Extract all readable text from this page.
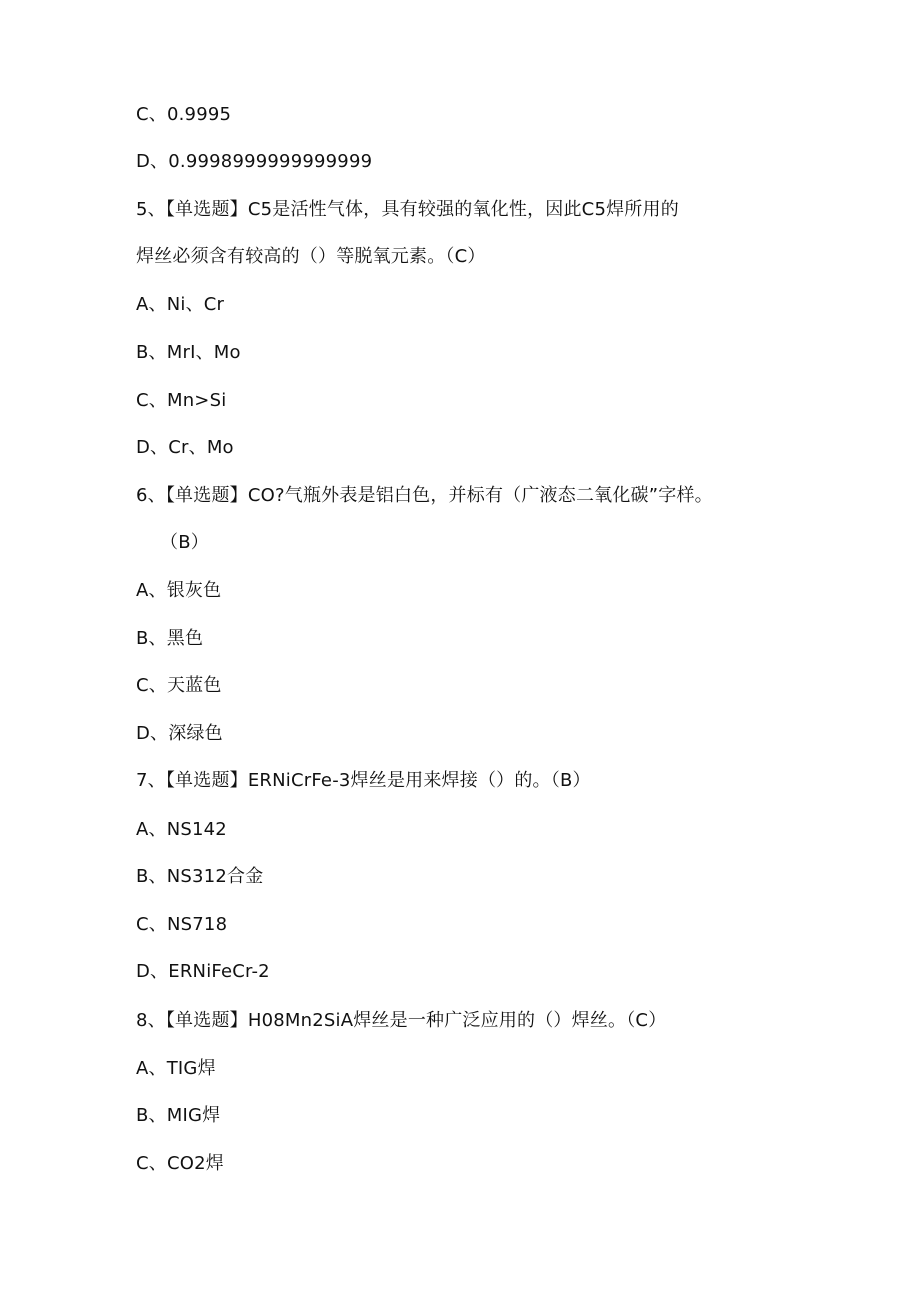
C、0.9995
D、0.9998999999999999
5、【单选题】C5是活性气体，具有较强的氧化性，因此C5焊所用的
焊丝必须含有较高的（）等脱氧元素。（C）
A、Ni、Cr
B、MrI、Mo
C、Mn>Si
D、Cr、Mo
6、【单选题】CO?气瓶外表是铝白色，并标有（广液态二氧化碳”字样。
（B）
A、银灰色
B、黑色
C、天蓝色
D、深绿色
7、【单选题】ERNiCrFe-3焊丝是用来焊接（）的。（B）
A、NS142
B、NS312合金
C、NS718
D、ERNiFeCr-2
8、【单选题】H08Mn2SiA焊丝是一种广泛应用的（）焊丝。（C）
A、TIG焊
B、MIG焊
C、CO2焊
